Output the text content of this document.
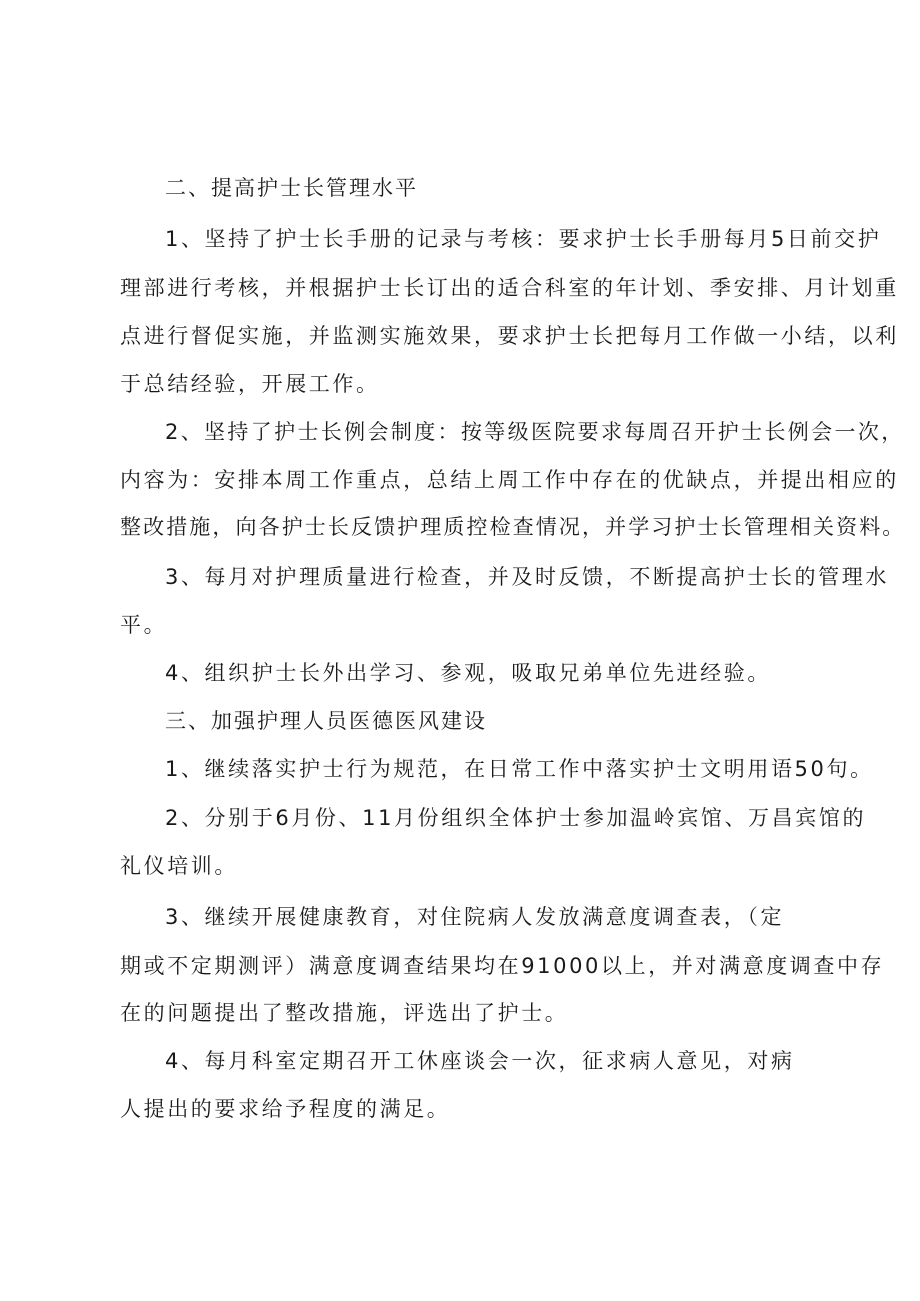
二、提高护士长管理水平
1、坚持了护士长手册的记录与考核：要求护士长手册每月5日前交护
理部进行考核，并根据护士长订出的适合科室的年计划、季安排、月计划重
点进行督促实施，并监测实施效果，要求护士长把每月工作做一小结，以利
于总结经验，开展工作。
2、坚持了护士长例会制度：按等级医院要求每周召开护士长例会一次，
内容为：安排本周工作重点，总结上周工作中存在的优缺点，并提出相应的
整改措施，向各护士长反馈护理质控检查情况，并学习护士长管理相关资料。
3、每月对护理质量进行检查，并及时反馈，不断提高护士长的管理水
平。
4、组织护士长外出学习、参观，吸取兄弟单位先进经验。
三、加强护理人员医德医风建设
1、继续落实护士行为规范，在日常工作中落实护士文明用语50句。
2、分别于6月份、11月份组织全体护士参加温岭宾馆、万昌宾馆的
礼仪培训。
3、继续开展健康教育，对住院病人发放满意度调查表，（定
期或不定期测评）满意度调查结果均在91000以上，并对满意度调查中存
在的问题提出了整改措施，评选出了护士。
4、每月科室定期召开工休座谈会一次，征求病人意见，对病
人提出的要求给予程度的满足。
